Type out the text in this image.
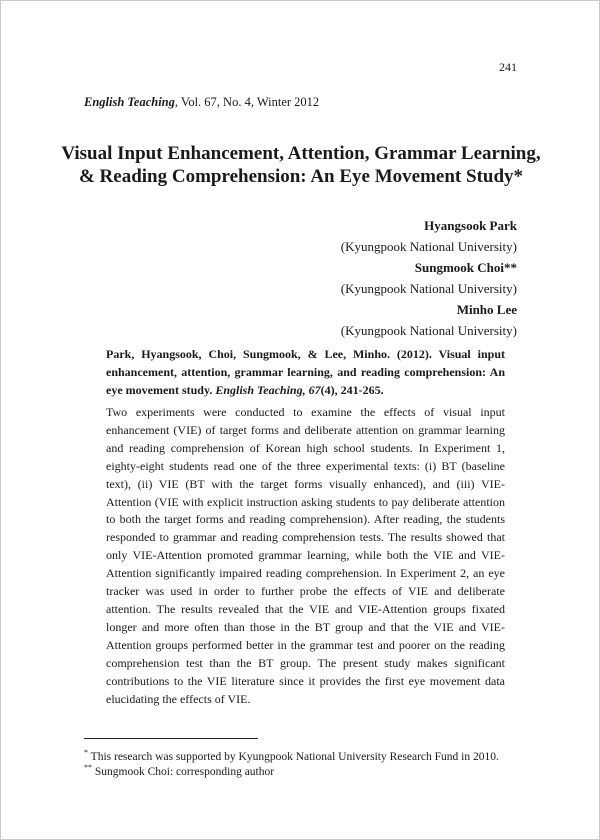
241
English Teaching, Vol. 67, No. 4, Winter 2012
Visual Input Enhancement, Attention, Grammar Learning,
& Reading Comprehension: An Eye Movement Study*
Hyangsook Park
(Kyungpook National University)
Sungmook Choi**
(Kyungpook National University)
Minho Lee
(Kyungpook National University)
Park, Hyangsook, Choi, Sungmook, & Lee, Minho. (2012). Visual input enhancement, attention, grammar learning, and reading comprehension: An eye movement study. English Teaching, 67(4), 241-265.
Two experiments were conducted to examine the effects of visual input enhancement (VIE) of target forms and deliberate attention on grammar learning and reading comprehension of Korean high school students. In Experiment 1, eighty-eight students read one of the three experimental texts: (i) BT (baseline text), (ii) VIE (BT with the target forms visually enhanced), and (iii) VIE-Attention (VIE with explicit instruction asking students to pay deliberate attention to both the target forms and reading comprehension). After reading, the students responded to grammar and reading comprehension tests. The results showed that only VIE-Attention promoted grammar learning, while both the VIE and VIE-Attention significantly impaired reading comprehension. In Experiment 2, an eye tracker was used in order to further probe the effects of VIE and deliberate attention. The results revealed that the VIE and VIE-Attention groups fixated longer and more often than those in the BT group and that the VIE and VIE-Attention groups performed better in the grammar test and poorer on the reading comprehension test than the BT group. The present study makes significant contributions to the VIE literature since it provides the first eye movement data elucidating the effects of VIE.
* This research was supported by Kyungpook National University Research Fund in 2010.
** Sungmook Choi: corresponding author
